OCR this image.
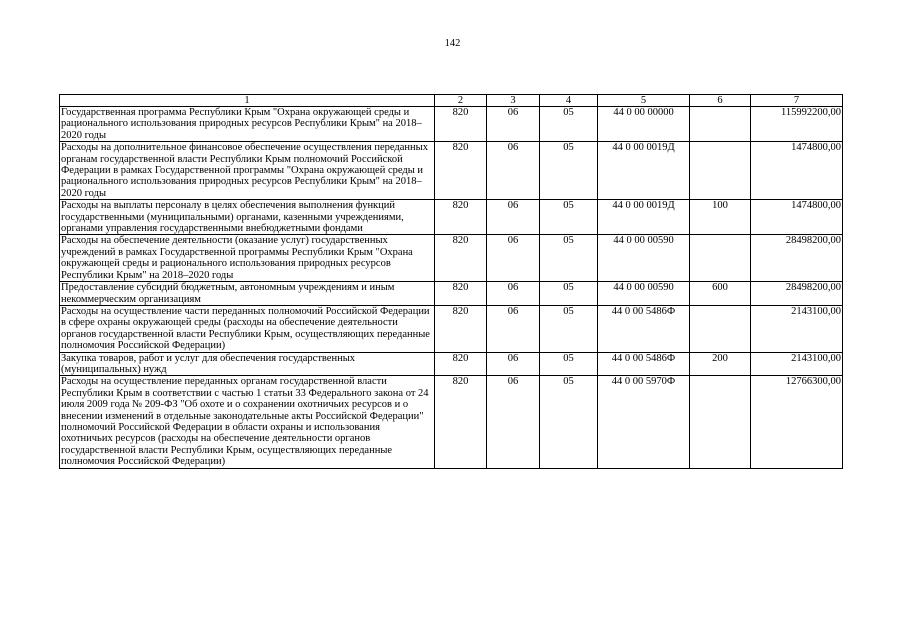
142
1	2	3	4	5	6	7
Государственная программа Республики Крым "Охрана окружающей среды и рационального использования природных ресурсов Республики Крым" на 2018–2020 годы	820	06	05	44 0 00 00000		115992200,00
Расходы на дополнительное финансовое обеспечение осуществления переданных органам государственной власти Республики Крым полномочий Российской Федерации в рамках Государственной программы "Охрана окружающей среды и рационального использования природных ресурсов Республики Крым" на 2018–2020 годы	820	06	05	44 0 00 0019Д		1474800,00
Расходы на выплаты персоналу в целях обеспечения выполнения функций государственными (муниципальными) органами, казенными учреждениями, органами управления государственными внебюджетными фондами	820	06	05	44 0 00 0019Д	100	1474800,00
Расходы на обеспечение деятельности (оказание услуг) государственных учреждений в рамках Государственной программы Республики Крым "Охрана окружающей среды и рационального использования природных ресурсов Республики Крым" на 2018–2020 годы	820	06	05	44 0 00 00590		28498200,00
Предоставление субсидий бюджетным, автономным учреждениям и иным некоммерческим организациям	820	06	05	44 0 00 00590	600	28498200,00
Расходы на осуществление части переданных полномочий Российской Федерации в сфере охраны окружающей среды (расходы на обеспечение деятельности органов государственной власти Республики Крым, осуществляющих переданные полномочия Российской Федерации)	820	06	05	44 0 00 5486Ф		2143100,00
Закупка товаров, работ и услуг для обеспечения государственных (муниципальных) нужд	820	06	05	44 0 00 5486Ф	200	2143100,00
Расходы на осуществление переданных органам государственной власти Республики Крым в соответствии с частью 1 статьи 33 Федерального закона от 24 июля 2009 года № 209-ФЗ "Об охоте и о сохранении охотничьих ресурсов и о внесении изменений в отдельные законодательные акты Российской Федерации" полномочий Российской Федерации в области охраны и использования охотничьих ресурсов (расходы на обеспечение деятельности органов государственной власти Республики Крым, осуществляющих переданные полномочия Российской Федерации)	820	06	05	44 0 00 5970Ф		12766300,00
